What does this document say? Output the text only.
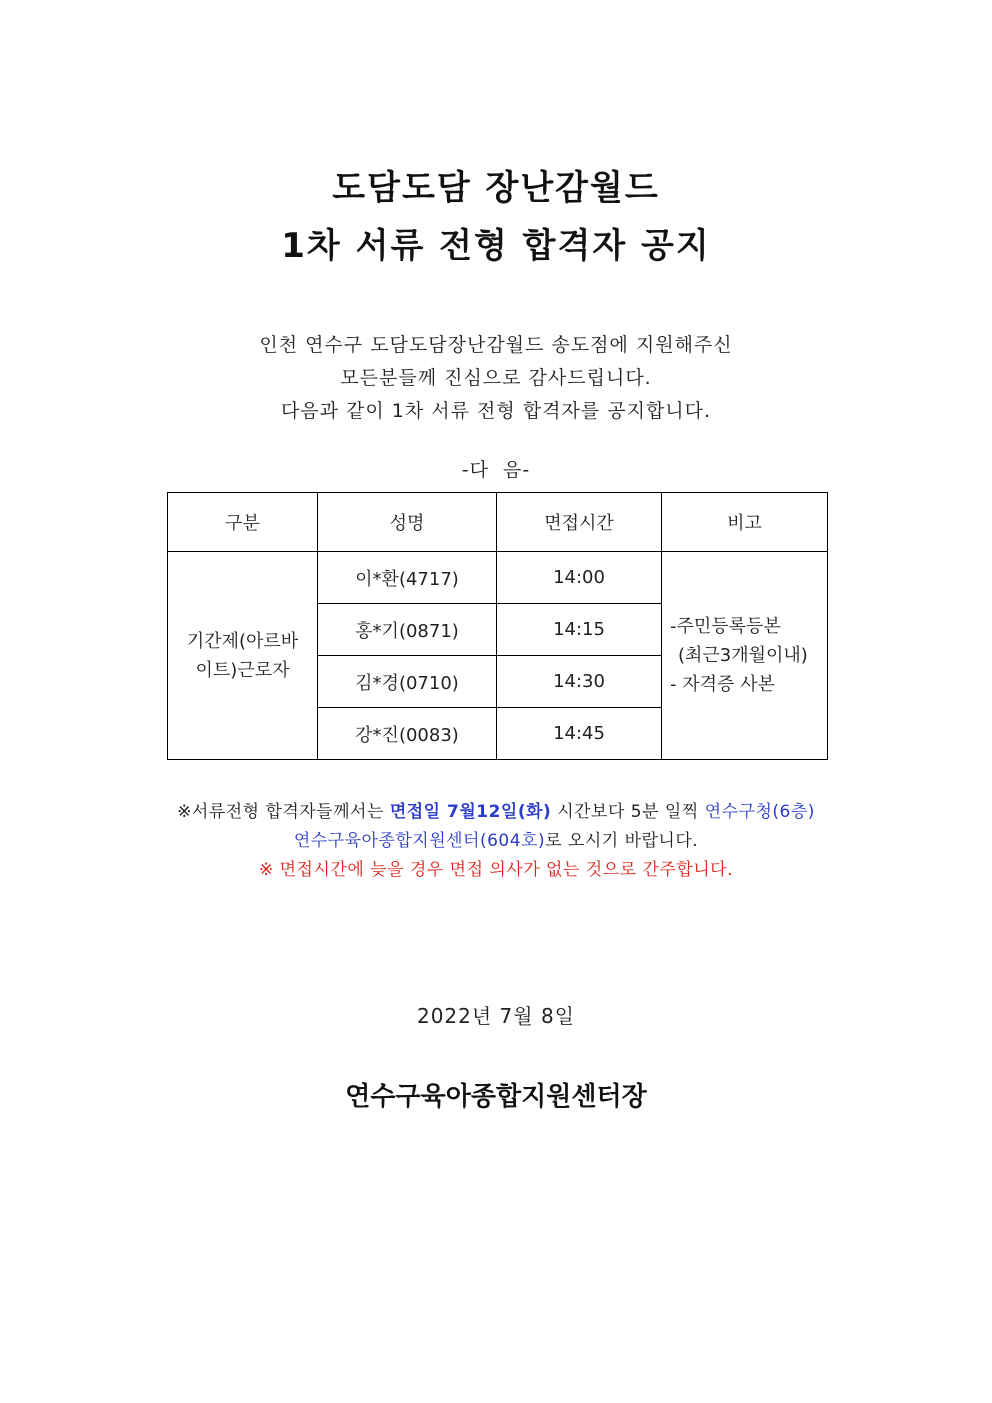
도담도담 장난감월드
1차 서류 전형 합격자 공지

인천 연수구 도담도담장난감월드 송도점에 지원해주신

모든분들께 진심으로 감사드립니다.

다음과 같이 1차 서류 전형 합격자를 공지합니다.

-다  음-

구분	성명	면접시간	비고
기간제(아르바
이트)근로자	이*환(4717)	14:00	-주민등록등본
(최근3개월이내)
- 자격증 사본
	홍*기(0871)	14:15	
	김*경(0710)	14:30	
	강*진(0083)	14:45	

※서류전형 합격자들께서는 면접일 7월12일(화) 시간보다 5분 일찍 연수구청(6층)

연수구육아종합지원센터(604호)로 오시기 바랍니다.

※ 면접시간에 늦을 경우 면접 의사가 없는 것으로 간주합니다.

2022년 7월 8일

연수구육아종합지원센터장
